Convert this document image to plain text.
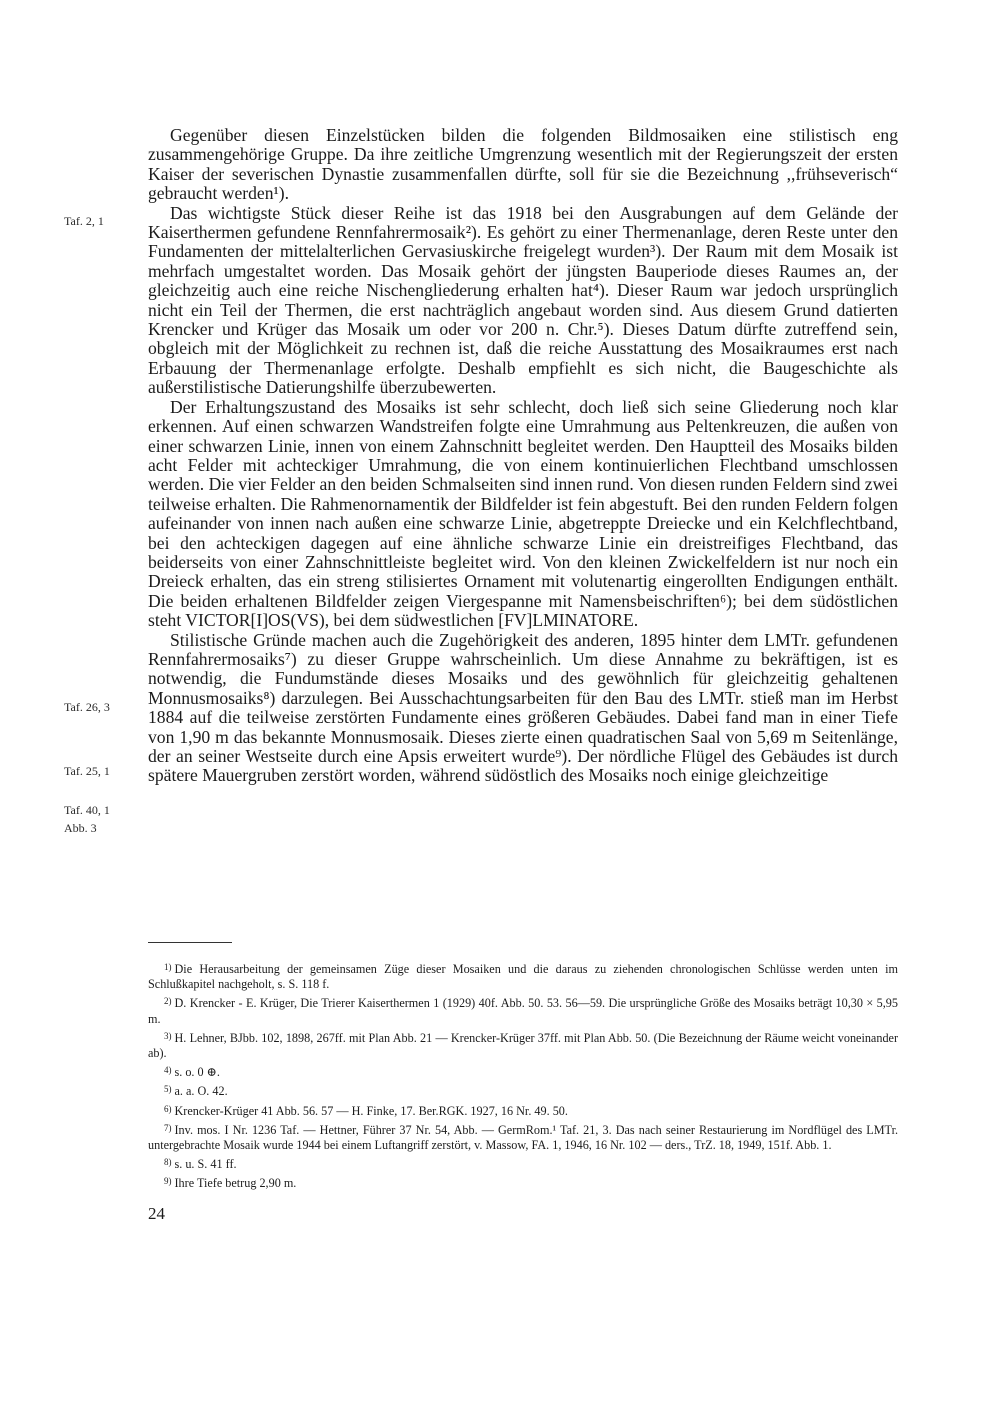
Taf. 2, 1
Taf. 26, 3
Taf. 25, 1
Taf. 40, 1
Abb. 3

Gegenüber diesen Einzelstücken bilden die folgenden Bildmosaiken eine stilistisch eng zusammengehörige Gruppe. Da ihre zeitliche Umgrenzung wesentlich mit der Regierungszeit der ersten Kaiser der severischen Dynastie zusammenfallen dürfte, soll für sie die Bezeichnung ,,frühseverisch“ gebraucht werden¹).

Das wichtigste Stück dieser Reihe ist das 1918 bei den Ausgrabungen auf dem Gelände der Kaiserthermen gefundene Rennfahrermosaik²). Es gehört zu einer Thermenanlage, deren Reste unter den Fundamenten der mittelalterlichen Gervasiuskirche freigelegt wurden³). Der Raum mit dem Mosaik ist mehrfach umgestaltet worden. Das Mosaik gehört der jüngsten Bauperiode dieses Raumes an, der gleichzeitig auch eine reiche Nischengliederung erhalten hat⁴). Dieser Raum war jedoch ursprünglich nicht ein Teil der Thermen, die erst nachträglich angebaut worden sind. Aus diesem Grund datierten Krencker und Krüger das Mosaik um oder vor 200 n. Chr.⁵). Dieses Datum dürfte zutreffend sein, obgleich mit der Möglichkeit zu rechnen ist, daß die reiche Ausstattung des Mosaikraumes erst nach Erbauung der Thermenanlage erfolgte. Deshalb empfiehlt es sich nicht, die Baugeschichte als außerstilistische Datierungshilfe überzubewerten.

Der Erhaltungszustand des Mosaiks ist sehr schlecht, doch ließ sich seine Gliederung noch klar erkennen. Auf einen schwarzen Wandstreifen folgte eine Umrahmung aus Peltenkreuzen, die außen von einer schwarzen Linie, innen von einem Zahnschnitt begleitet werden. Den Hauptteil des Mosaiks bilden acht Felder mit achteckiger Umrahmung, die von einem kontinuierlichen Flechtband umschlossen werden. Die vier Felder an den beiden Schmalseiten sind innen rund. Von diesen runden Feldern sind zwei teilweise erhalten. Die Rahmenornamentik der Bildfelder ist fein abgestuft. Bei den runden Feldern folgen aufeinander von innen nach außen eine schwarze Linie, abgetreppte Dreiecke und ein Kelchflechtband, bei den achteckigen dagegen auf eine ähnliche schwarze Linie ein dreistreifiges Flechtband, das beiderseits von einer Zahnschnittleiste begleitet wird. Von den kleinen Zwickelfeldern ist nur noch ein Dreieck erhalten, das ein streng stilisiertes Ornament mit volutenartig eingerollten Endigungen enthält. Die beiden erhaltenen Bildfelder zeigen Viergespanne mit Namensbeischriften⁶); bei dem südöstlichen steht VICTOR[I]OS(VS), bei dem südwestlichen [FV]LMINATORE.

Stilistische Gründe machen auch die Zugehörigkeit des anderen, 1895 hinter dem LMTr. gefundenen Rennfahrermosaiks⁷) zu dieser Gruppe wahrscheinlich. Um diese Annahme zu bekräftigen, ist es notwendig, die Fundumstände dieses Mosaiks und des gewöhnlich für gleichzeitig gehaltenen Monnusmosaiks⁸) darzulegen. Bei Ausschachtungsarbeiten für den Bau des LMTr. stieß man im Herbst 1884 auf die teilweise zerstörten Fundamente eines größeren Gebäudes. Dabei fand man in einer Tiefe von 1,90 m das bekannte Monnusmosaik. Dieses zierte einen quadratischen Saal von 5,69 m Seitenlänge, der an seiner Westseite durch eine Apsis erweitert wurde⁹). Der nördliche Flügel des Gebäudes ist durch spätere Mauergruben zerstört worden, während südöstlich des Mosaiks noch einige gleichzeitige

$^{1)}$ Die Herausarbeitung der gemeinsamen Züge dieser Mosaiken und die daraus zu ziehenden chronologischen Schlüsse werden unten im Schlußkapitel nachgeholt, s. S. 118 f.

$^{2)}$ D. Krencker - E. Krüger, Die Trierer Kaiserthermen 1 (1929) 40f. Abb. 50. 53. 56—59. Die ursprüngliche Größe des Mosaiks beträgt 10,30 × 5,95 m.

$^{3)}$ H. Lehner, BJbb. 102, 1898, 267ff. mit Plan Abb. 21 — Krencker-Krüger 37ff. mit Plan Abb. 50. (Die Bezeichnung der Räume weicht voneinander ab).

$^{4)}$ s. o. 0 ⊕.

$^{5)}$ a. a. O. 42.

$^{6)}$ Krencker-Krüger 41 Abb. 56. 57 — H. Finke, 17. Ber.RGK. 1927, 16 Nr. 49. 50.

$^{7)}$ Inv. mos. I Nr. 1236 Taf. — Hettner, Führer 37 Nr. 54, Abb. — GermRom.¹ Taf. 21, 3. Das nach seiner Restaurierung im Nordflügel des LMTr. untergebrachte Mosaik wurde 1944 bei einem Luftangriff zerstört, v. Massow, FA. 1, 1946, 16 Nr. 102 — ders., TrZ. 18, 1949, 151f. Abb. 1.

$^{8)}$ s. u. S. 41 ff.

$^{9)}$ Ihre Tiefe betrug 2,90 m.

24
